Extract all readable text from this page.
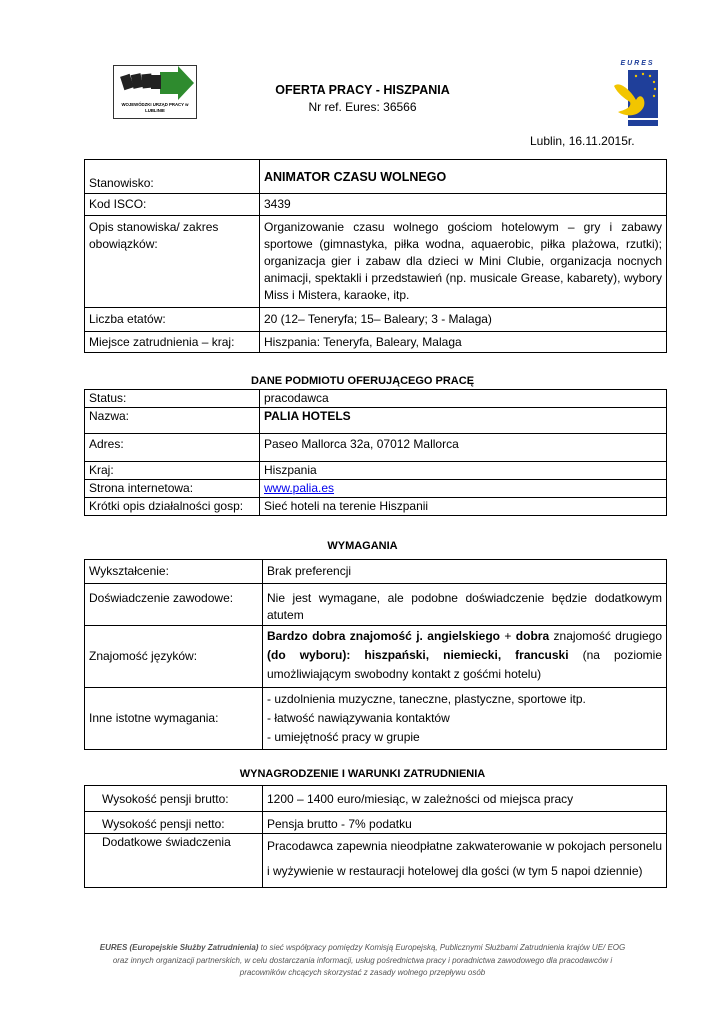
WOJEWÓDZKI URZĄD PRACY w LUBLINIE
OFERTA PRACY - HISZPANIA
Nr ref. Eures: 36566
EURES
Lublin, 16.11.2015r.
Stanowisko:	ANIMATOR CZASU WOLNEGO
Kod ISCO:	3439
Opis stanowiska/ zakres obowiązków:	Organizowanie czasu wolnego gościom hotelowym – gry i zabawy sportowe (gimnastyka, piłka wodna, aquaerobic, piłka plażowa, rzutki); organizacja gier i zabaw dla dzieci w Mini Clubie, organizacja nocnych animacji, spektakli i przedstawień (np. musicale Grease, kabarety), wybory Miss i Mistera, karaoke, itp.
Liczba etatów:	20 (12– Teneryfa; 15– Baleary; 3 - Malaga)
Miejsce zatrudnienia – kraj:	Hiszpania: Teneryfa, Baleary, Malaga
DANE PODMIOTU OFERUJĄCEGO PRACĘ
Status:	pracodawca
Nazwa:	PALIA HOTELS
Adres:	Paseo Mallorca 32a, 07012 Mallorca
Kraj:	Hiszpania
Strona internetowa:	www.palia.es
Krótki opis działalności gosp:	Sieć hoteli na terenie Hiszpanii
WYMAGANIA
Wykształcenie:	Brak preferencji
Doświadczenie zawodowe:	Nie jest wymagane, ale podobne doświadczenie będzie dodatkowym atutem
Znajomość języków:	Bardzo dobra znajomość j. angielskiego + dobra znajomość drugiego (do wyboru): hiszpański, niemiecki, francuski (na poziomie umożliwiającym swobodny kontakt z gośćmi hotelu)
Inne istotne wymagania:	- uzdolnienia muzyczne, taneczne, plastyczne, sportowe itp.
- łatwość nawiązywania kontaktów
- umiejętność pracy w grupie
WYNAGRODZENIE I WARUNKI ZATRUDNIENIA
Wysokość pensji brutto:	1200 – 1400 euro/miesiąc, w zależności od miejsca pracy
Wysokość pensji netto:	Pensja brutto - 7% podatku
Dodatkowe świadczenia	Pracodawca zapewnia nieodpłatne zakwaterowanie w pokojach personelu i wyżywienie w restauracji hotelowej dla gości (w tym 5 napoi dziennie)
EURES (Europejskie Służby Zatrudnienia) to sieć współpracy pomiędzy Komisją Europejską, Publicznymi Służbami Zatrudnienia krajów UE/ EOG
oraz innych organizacji partnerskich, w celu dostarczania informacji, usług pośrednictwa pracy i poradnictwa zawodowego dla pracodawców i
pracowników chcących skorzystać z zasady wolnego przepływu osób
